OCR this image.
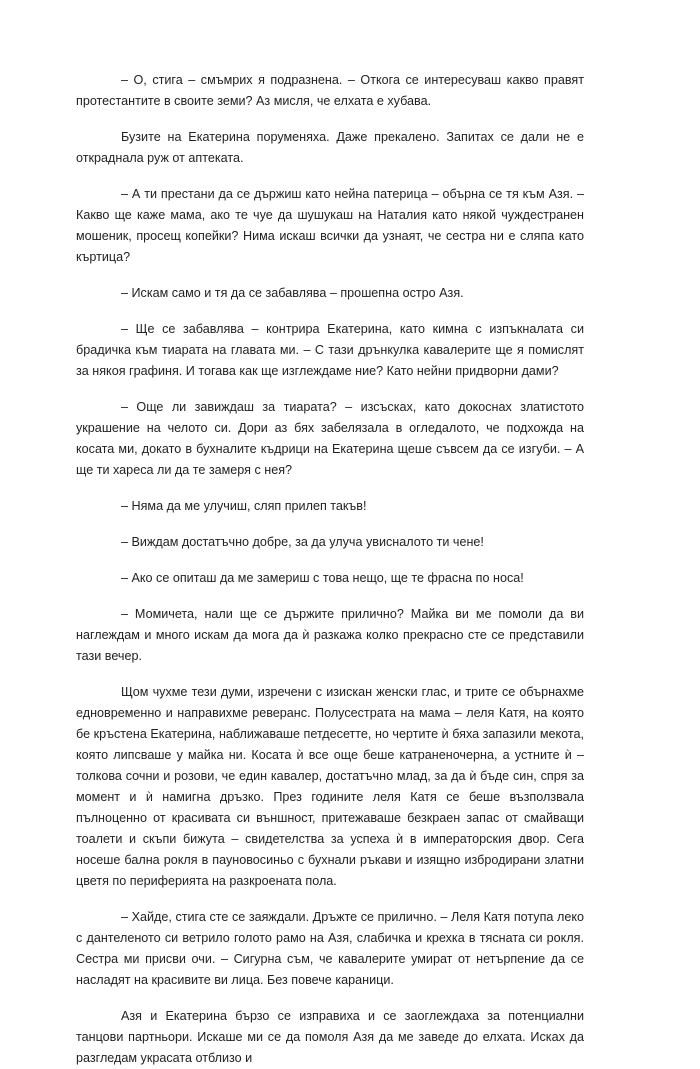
– О, стига – смъмрих я подразнена. – Откога се интересуваш какво правят протестантите в своите земи? Аз мисля, че елхата е хубава.

Бузите на Екатерина поруменяха. Даже прекалено. Запитах се дали не е откраднала руж от аптеката.

– А ти престани да се държиш като нейна патерица – обърна се тя към Азя. – Какво ще каже мама, ако те чуе да шушукаш на Наталия като някой чуждестранен мошеник, просещ копейки? Нима искаш всички да узнаят, че сестра ни е сляпа като къртица?

– Искам само и тя да се забавлява – прошепна остро Азя.

– Ще се забавлява – контрира Екатерина, като кимна с изпъкналата си брадичка към тиарата на главата ми. – С тази дрънкулка кавалерите ще я помислят за някоя графиня. И тогава как ще изглеждаме ние? Като нейни придворни дами?

– Още ли завиждаш за тиарата? – изсъсках, като докоснах златистото украшение на челото си. Дори аз бях забелязала в огледалото, че подхожда на косата ми, докато в бухналите къдрици на Екатерина щеше съвсем да се изгуби. – А ще ти хареса ли да те замеря с нея?

– Няма да ме улучиш, сляп прилеп такъв!

– Виждам достатъчно добре, за да улуча увисналото ти чене!

– Ако се опиташ да ме замериш с това нещо, ще те фрасна по носа!

– Момичета, нали ще се държите прилично? Майка ви ме помоли да ви наглеждам и много искам да мога да ѝ разкажа колко прекрасно сте се представили тази вечер.

Щом чухме тези думи, изречени с изискан женски глас, и трите се обърнахме едновременно и направихме реверанс. Полусестрата на мама – леля Катя, на която бе кръстена Екатерина, наближаваше петдесетте, но чертите ѝ бяха запазили мекота, която липсваше у майка ни. Косата ѝ все още беше катраненочерна, а устните ѝ – толкова сочни и розови, че един кавалер, достатъчно млад, за да ѝ бъде син, спря за момент и ѝ намигна дръзко. През годините леля Катя се беше възползвала пълноценно от красивата си външност, притежаваше безкраен запас от смайващи тоалети и скъпи бижута – свидетелства за успеха ѝ в императорския двор. Сега носеше бална рокля в пауновосиньо с бухнали ръкави и изящно избродирани златни цветя по периферията на разкроената пола.

– Хайде, стига сте се заяждали. Дръжте се прилично. – Леля Катя потупа леко с дантеленото си ветрило голото рамо на Азя, слабичка и крехка в тясната си рокля. Сестра ми присви очи. – Сигурна съм, че кавалерите умират от нетърпение да се насладят на красивите ви лица. Без повече караници.

Азя и Екатерина бързо се изправиха и се заоглеждаха за потенциални танцови партньори. Искаше ми се да помоля Азя да ме заведе до елхата. Исках да разгледам украсата отблизо и
